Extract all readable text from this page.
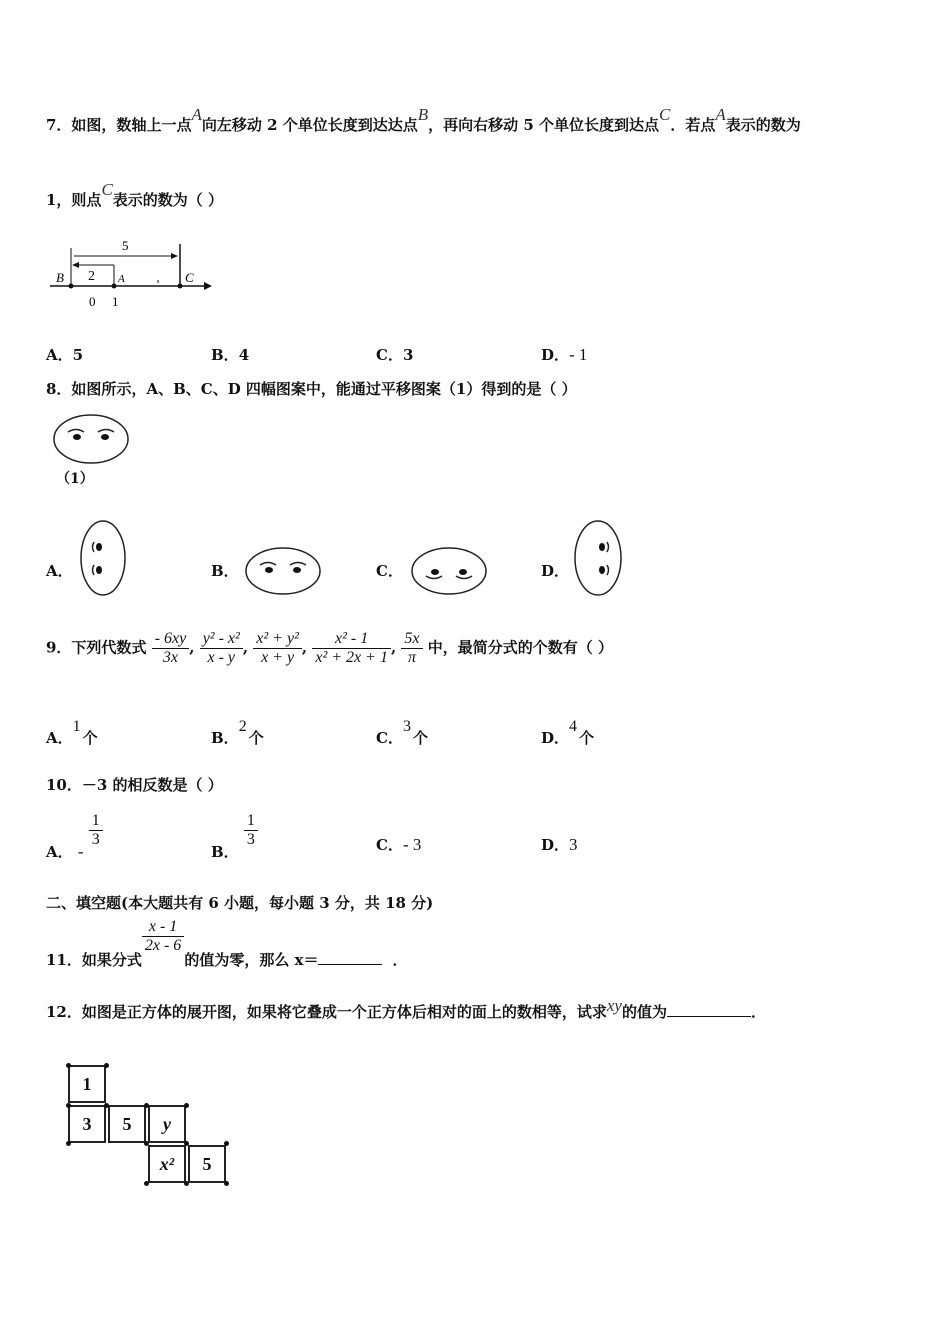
7．如图，数轴上一点A向左移动 2 个单位长度到达达点B，再向右移动 5 个单位长度到达点C．若点A表示的数为
1，则点C表示的数为（ ）
5
2
B	A	C
0 1
A．5	B．4	C．3	D．- 1
8．如图所示，A、B、C、D 四幅图案中，能通过平移图案（1）得到的是（ ）
（1）
A．	B．	C．	D．
9．下列代数式 $\frac{- 6xy}{3x}$ , $\frac{\text{y² - x²}}{x - y}$ , $\frac{\text{x² + y²}}{x + y}$ , $\frac{\text{x² - 1}}{\text{x² + 2x + 1}}$ , $\frac{5x}{\pi}$ 中，最简分式的个数有（ ）
A．1个	B．2个	C．3个	D．4个
10．－3 的相反数是（ ）
A． -
$\frac{1}{3}$
B．
$\frac{1}{3}$	C．- 3	D．3
二、填空题(本大题共有 6 小题，每小题 3 分，共 18 分)
11．如果分式
$\frac{x - 1}{2x - 6}$
的值为零，那么 x＝	．
12．如图是正方体的展开图，如果将它叠成一个正方体后相对的面上的数相等，试求xy的值为	．
1
3	5	y
x²	5
